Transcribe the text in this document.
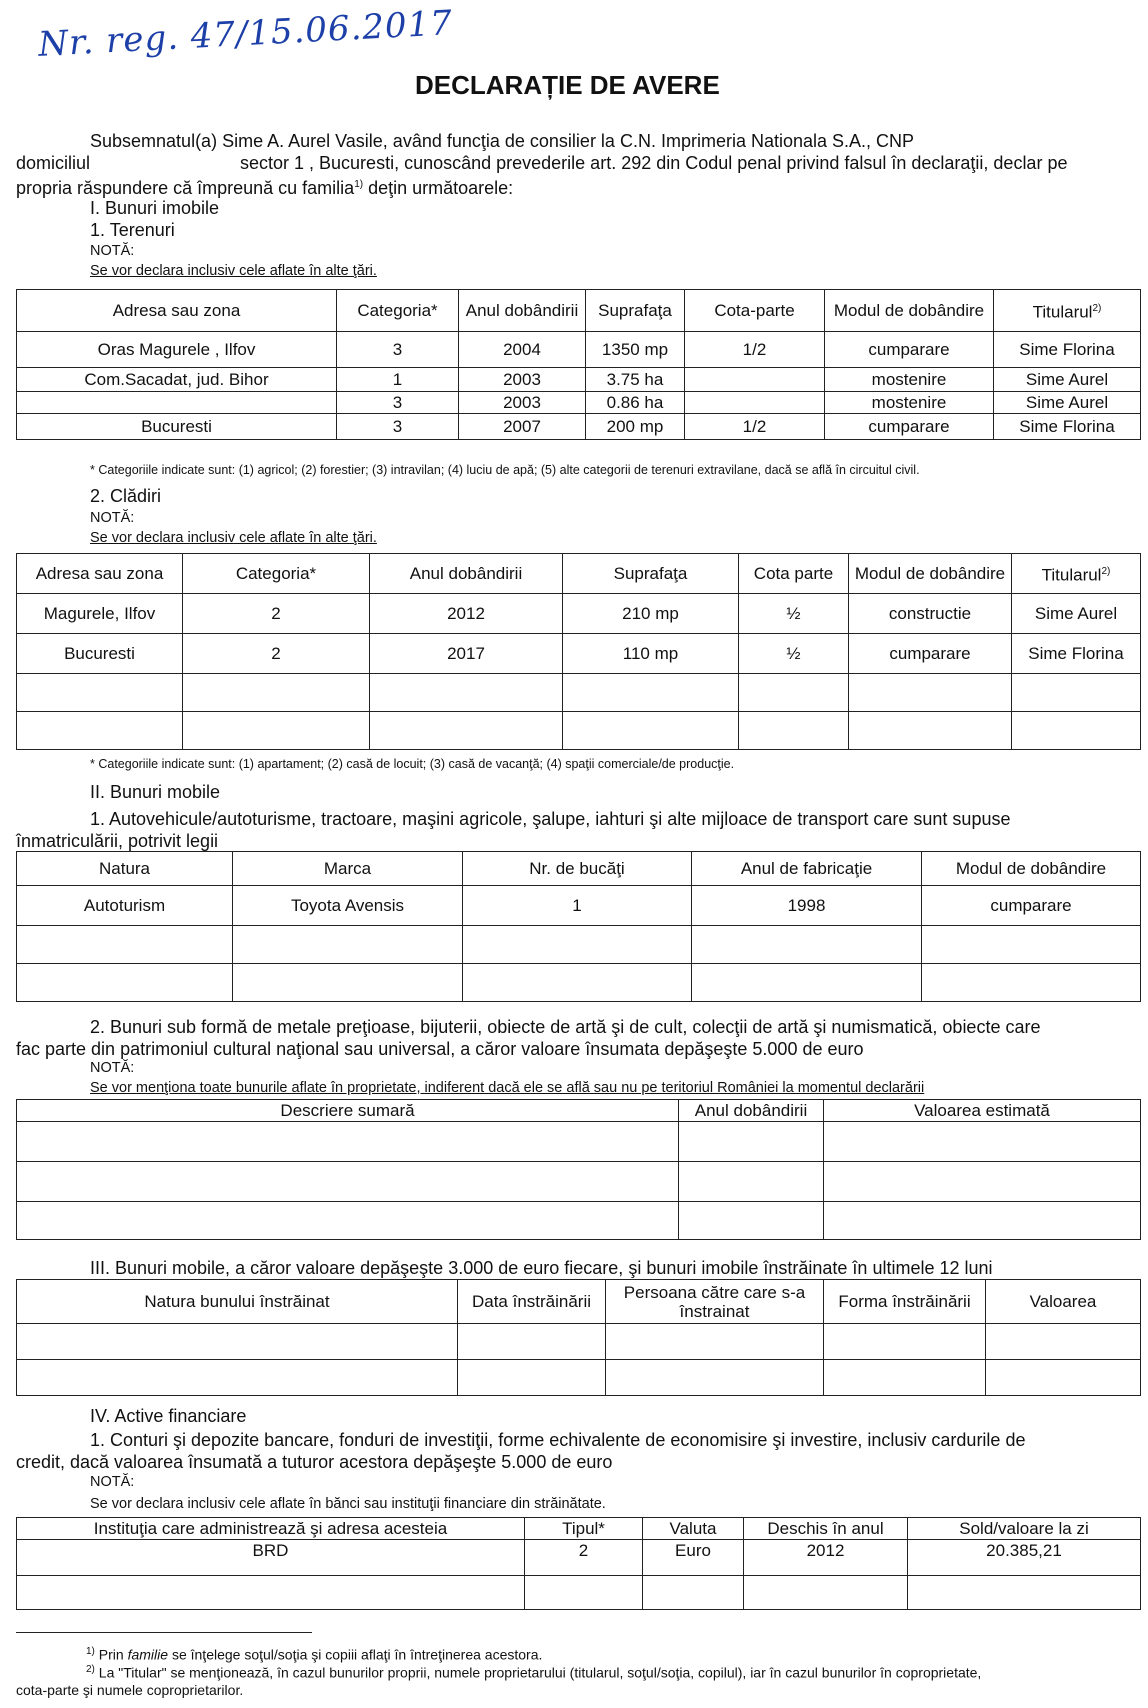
Nr. reg. 47/15.06.2017
DECLARAȚIE DE AVERE
Subsemnatul(a) Sime A. Aurel Vasile, având funcţia de consilier la C.N. Imprimeria Nationala S.A., CNP
domiciliul	sector 1 , Bucuresti, cunoscând prevederile art. 292 din Codul penal privind falsul în declaraţii, declar pe
propria răspundere că împreună cu familia$^{1)}$ deţin următoarele:
I. Bunuri imobile
1. Terenuri
NOTĂ:
Se vor declara inclusiv cele aflate în alte ţări.
Adresa sau zona	Categoria*	Anul dobândirii	Suprafaţa	Cota-parte	Modul de dobândire	Titularul$^{2)}$
Oras Magurele , Ilfov	3	2004	1350 mp	1/2	cumparare	Sime Florina
Com.Sacadat, jud. Bihor	1	2003	3.75 ha		mostenire	Sime Aurel
	3	2003	0.86 ha		mostenire	Sime Aurel
Bucuresti	3	2007	200 mp	1/2	cumparare	Sime Florina
* Categoriile indicate sunt: (1) agricol; (2) forestier; (3) intravilan; (4) luciu de apă; (5) alte categorii de terenuri extravilane, dacă se află în circuitul civil.
2. Clădiri
NOTĂ:
Se vor declara inclusiv cele aflate în alte ţări.
Adresa sau zona	Categoria*	Anul dobândirii	Suprafaţa	Cota parte	Modul de dobândire	Titularul$^{2)}$
Magurele, Ilfov	2	2012	210 mp	½	constructie	Sime Aurel
Bucuresti	2	2017	110 mp	½	cumparare	Sime Florina

* Categoriile indicate sunt: (1) apartament; (2) casă de locuit; (3) casă de vacanţă; (4) spaţii comerciale/de producţie.
II. Bunuri mobile
1. Autovehicule/autoturisme, tractoare, maşini agricole, şalupe, iahturi şi alte mijloace de transport care sunt supuse
înmatriculării, potrivit legii
Natura	Marca	Nr. de bucăţi	Anul de fabricaţie	Modul de dobândire
Autoturism	Toyota Avensis	1	1998	cumparare

2. Bunuri sub formă de metale preţioase, bijuterii, obiecte de artă şi de cult, colecţii de artă şi numismatică, obiecte care
fac parte din patrimoniul cultural naţional sau universal, a căror valoare însumata depăşeşte 5.000 de euro
NOTĂ:
Se vor menţiona toate bunurile aflate în proprietate, indiferent dacă ele se află sau nu pe teritoriul României la momentul declarării
Descriere sumară	Anul dobândirii	Valoarea estimată

III. Bunuri mobile, a căror valoare depăşeşte 3.000 de euro fiecare, şi bunuri imobile înstrăinate în ultimele 12 luni
Natura bunului înstrăinat	Data înstrăinării	Persoana către care s-a înstrainat	Forma înstrăinării	Valoarea

IV. Active financiare
1. Conturi şi depozite bancare, fonduri de investiţii, forme echivalente de economisire şi investire, inclusiv cardurile de
credit, dacă valoarea însumată a tuturor acestora depăşeşte 5.000 de euro
NOTĂ:
Se vor declara inclusiv cele aflate în bănci sau instituţii financiare din străinătate.
Instituţia care administrează şi adresa acesteia	Tipul*	Valuta	Deschis în anul	Sold/valoare la zi
BRD	2	Euro	2012	20.385,21

$^{1)}$ Prin familie se înţelege soţul/soţia şi copiii aflaţi în întreţinerea acestora.
$^{2)}$ La "Titular" se menţionează, în cazul bunurilor proprii, numele proprietarului (titularul, soţul/soţia, copilul), iar în cazul bunurilor în coproprietate,
cota-parte şi numele coproprietarilor.
